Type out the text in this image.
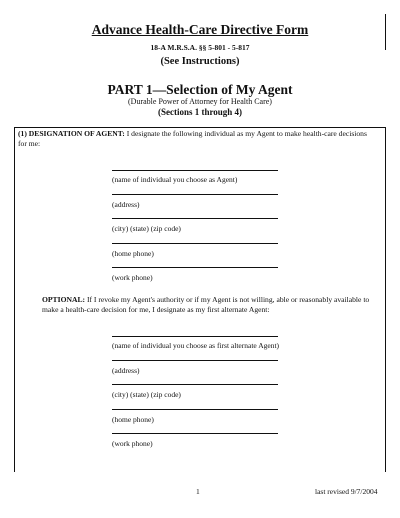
Advance Health-Care Directive Form
18-A M.R.S.A. §§ 5-801 - 5-817
(See Instructions)
PART 1—Selection of My Agent
(Durable Power of Attorney for Health Care)
(Sections 1 through 4)
(1) DESIGNATION OF AGENT: I designate the following individual as my Agent to make health-care decisions for me:
(name of individual you choose as Agent)
(address)
(city) (state) (zip code)
(home phone)
(work phone)
OPTIONAL: If I revoke my Agent's authority or if my Agent is not willing, able or reasonably available to make a health-care decision for me, I designate as my first alternate Agent:
(name of individual you choose as first alternate Agent)
(address)
(city) (state) (zip code)
(home phone)
(work phone)
1	last revised 9/7/2004
